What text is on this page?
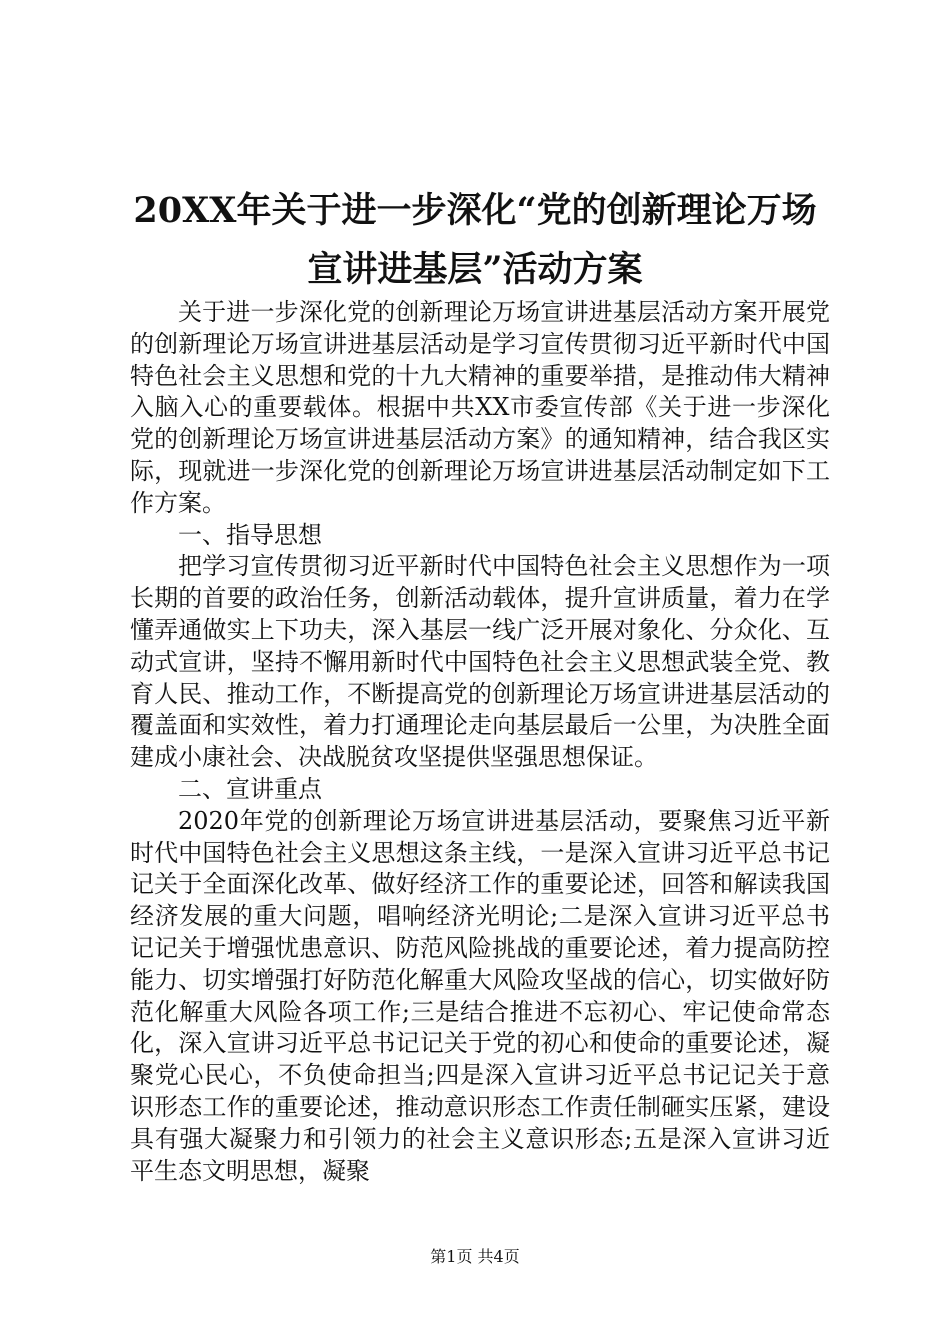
20XX年关于进一步深化“党的创新理论万场
宣讲进基层”活动方案

关于进一步深化党的创新理论万场宣讲进基层活动方案开展党的创新理论万场宣讲进基层活动是学习宣传贯彻习近平新时代中国特色社会主义思想和党的十九大精神的重要举措，是推动伟大精神入脑入心的重要载体。根据中共XX市委宣传部《关于进一步深化党的创新理论万场宣讲进基层活动方案》的通知精神，结合我区实际，现就进一步深化党的创新理论万场宣讲进基层活动制定如下工作方案。

一、指导思想

把学习宣传贯彻习近平新时代中国特色社会主义思想作为一项长期的首要的政治任务，创新活动载体，提升宣讲质量，着力在学懂弄通做实上下功夫，深入基层一线广泛开展对象化、分众化、互动式宣讲，坚持不懈用新时代中国特色社会主义思想武装全党、教育人民、推动工作，不断提高党的创新理论万场宣讲进基层活动的覆盖面和实效性，着力打通理论走向基层最后一公里，为决胜全面建成小康社会、决战脱贫攻坚提供坚强思想保证。

二、宣讲重点

2020年党的创新理论万场宣讲进基层活动，要聚焦习近平新时代中国特色社会主义思想这条主线，一是深入宣讲习近平总书记记关于全面深化改革、做好经济工作的重要论述，回答和解读我国经济发展的重大问题，唱响经济光明论;二是深入宣讲习近平总书记记关于增强忧患意识、防范风险挑战的重要论述，着力提高防控能力、切实增强打好防范化解重大风险攻坚战的信心，切实做好防范化解重大风险各项工作;三是结合推进不忘初心、牢记使命常态化，深入宣讲习近平总书记记关于党的初心和使命的重要论述，凝聚党心民心，不负使命担当;四是深入宣讲习近平总书记记关于意识形态工作的重要论述，推动意识形态工作责任制砸实压紧，建设具有强大凝聚力和引领力的社会主义意识形态;五是深入宣讲习近平生态文明思想，凝聚

第1页 共4页
